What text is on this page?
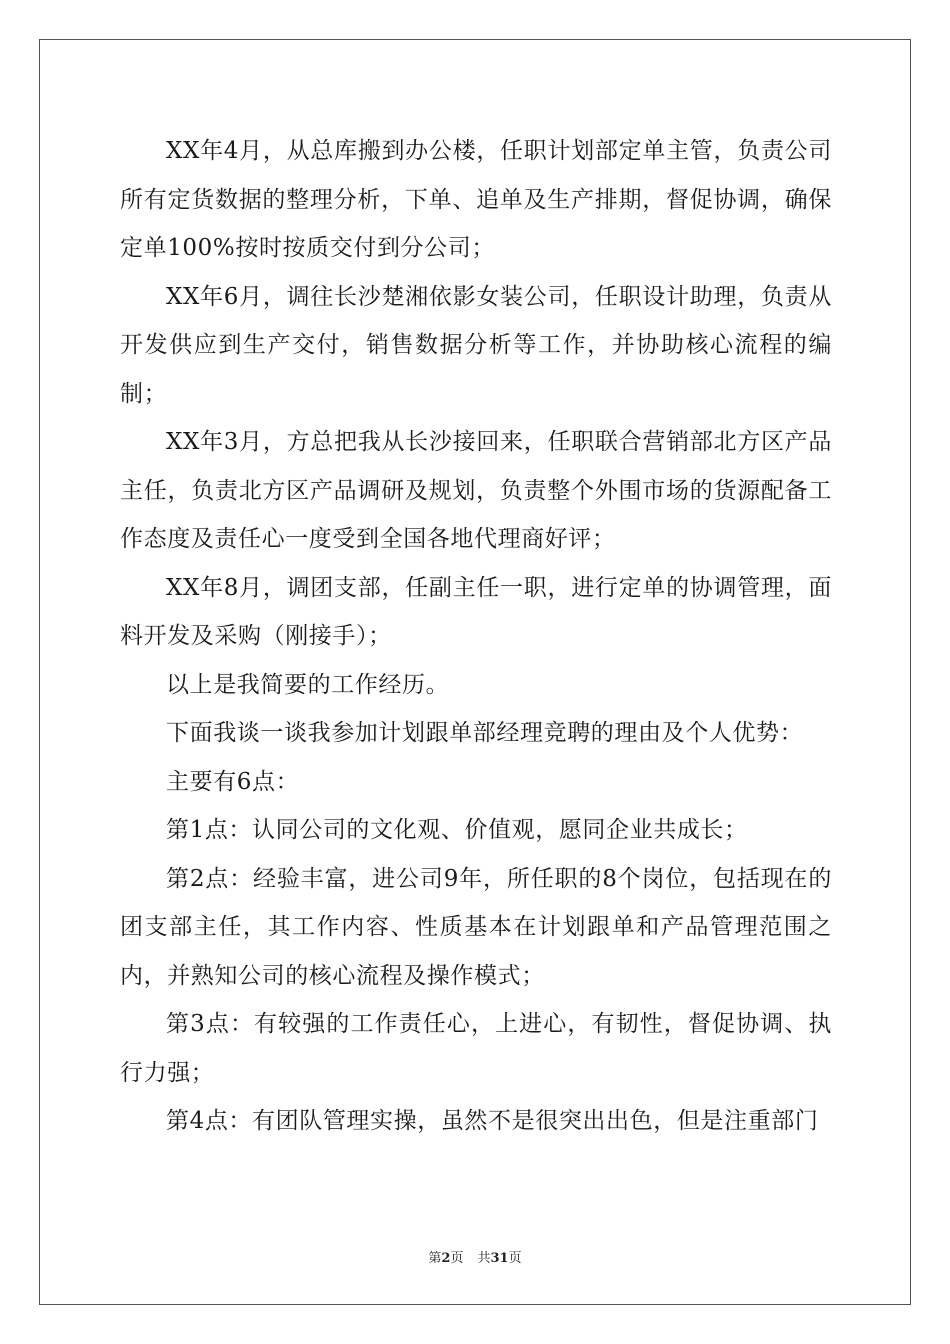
XX年4月，从总库搬到办公楼，任职计划部定单主管，负责公司所有定货数据的整理分析，下单、追单及生产排期，督促协调，确保定单100%按时按质交付到分公司；

XX年6月，调往长沙楚湘依影女装公司，任职设计助理，负责从开发供应到生产交付，销售数据分析等工作，并协助核心流程的编制；

XX年3月，方总把我从长沙接回来，任职联合营销部北方区产品主任，负责北方区产品调研及规划，负责整个外围市场的货源配备工作态度及责任心一度受到全国各地代理商好评；

XX年8月，调团支部，任副主任一职，进行定单的协调管理，面料开发及采购（刚接手）；

以上是我简要的工作经历。

下面我谈一谈我参加计划跟单部经理竞聘的理由及个人优势：

主要有6点：

第1点：认同公司的文化观、价值观，愿同企业共成长；

第2点：经验丰富，进公司9年，所任职的8个岗位，包括现在的团支部主任，其工作内容、性质基本在计划跟单和产品管理范围之内，并熟知公司的核心流程及操作模式；

第3点：有较强的工作责任心，上进心，有韧性，督促协调、执行力强；

第4点：有团队管理实操，虽然不是很突出出色，但是注重部门

第2页 共31页
